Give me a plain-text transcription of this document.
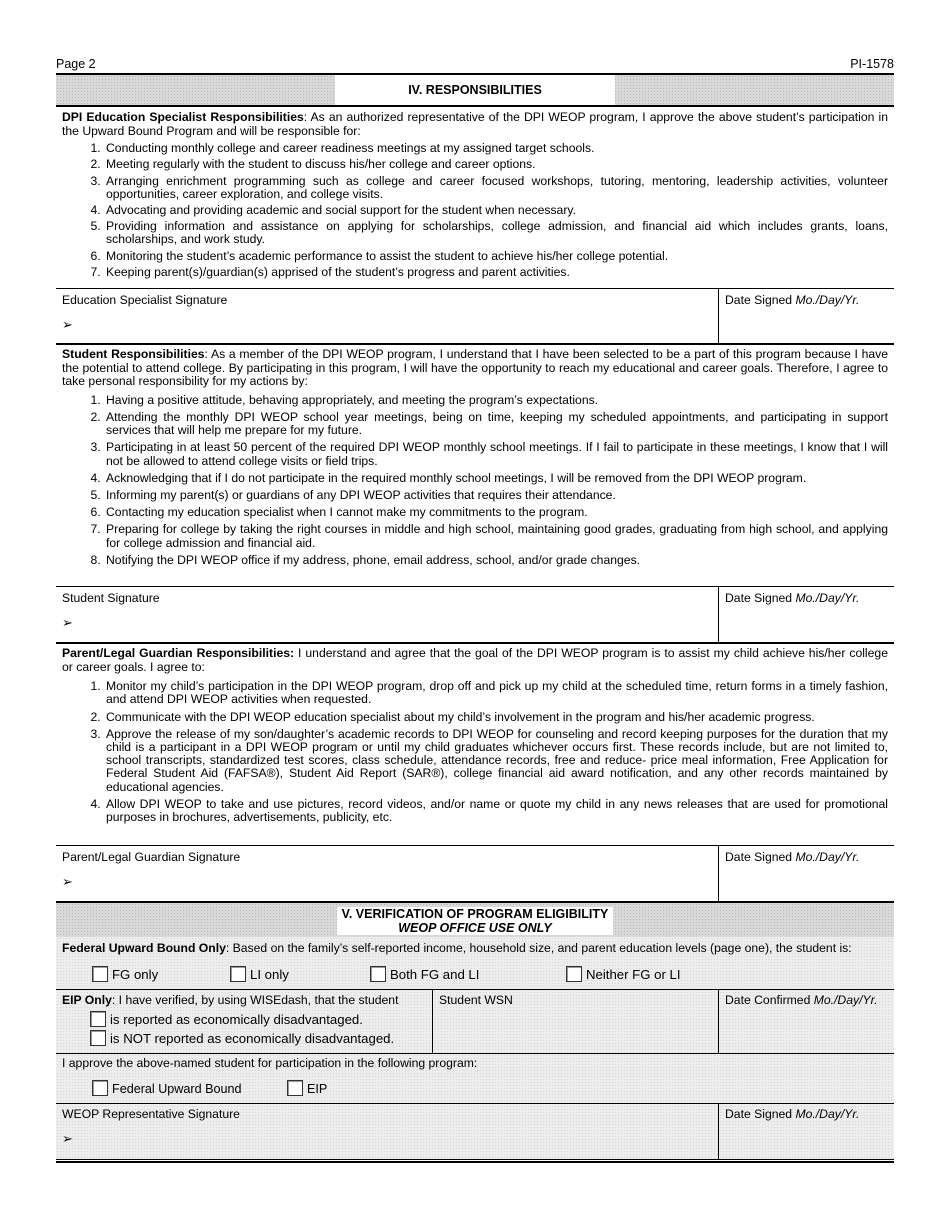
Page 2	PI-1578
IV. RESPONSIBILITIES
DPI Education Specialist Responsibilities: As an authorized representative of the DPI WEOP program, I approve the above student’s participation in the Upward Bound Program and will be responsible for:
1. Conducting monthly college and career readiness meetings at my assigned target schools.
2. Meeting regularly with the student to discuss his/her college and career options.
3. Arranging enrichment programming such as college and career focused workshops, tutoring, mentoring, leadership activities, volunteer opportunities, career exploration, and college visits.
4. Advocating and providing academic and social support for the student when necessary.
5. Providing information and assistance on applying for scholarships, college admission, and financial aid which includes grants, loans, scholarships, and work study.
6. Monitoring the student’s academic performance to assist the student to achieve his/her college potential.
7. Keeping parent(s)/guardian(s) apprised of the student’s progress and parent activities.
Education Specialist Signature
➢
Date Signed Mo./Day/Yr.
Student Responsibilities: As a member of the DPI WEOP program, I understand that I have been selected to be a part of this program because I have the potential to attend college. By participating in this program, I will have the opportunity to reach my educational and career goals. Therefore, I agree to take personal responsibility for my actions by:
1. Having a positive attitude, behaving appropriately, and meeting the program’s expectations.
2. Attending the monthly DPI WEOP school year meetings, being on time, keeping my scheduled appointments, and participating in support services that will help me prepare for my future.
3. Participating in at least 50 percent of the required DPI WEOP monthly school meetings. If I fail to participate in these meetings, I know that I will not be allowed to attend college visits or field trips.
4. Acknowledging that if I do not participate in the required monthly school meetings, I will be removed from the DPI WEOP program.
5. Informing my parent(s) or guardians of any DPI WEOP activities that requires their attendance.
6. Contacting my education specialist when I cannot make my commitments to the program.
7. Preparing for college by taking the right courses in middle and high school, maintaining good grades, graduating from high school, and applying for college admission and financial aid.
8. Notifying the DPI WEOP office if my address, phone, email address, school, and/or grade changes.
Student Signature
➢
Date Signed Mo./Day/Yr.
Parent/Legal Guardian Responsibilities: I understand and agree that the goal of the DPI WEOP program is to assist my child achieve his/her college or career goals. I agree to:
1. Monitor my child’s participation in the DPI WEOP program, drop off and pick up my child at the scheduled time, return forms in a timely fashion, and attend DPI WEOP activities when requested.
2. Communicate with the DPI WEOP education specialist about my child’s involvement in the program and his/her academic progress.
3. Approve the release of my son/daughter’s academic records to DPI WEOP for counseling and record keeping purposes for the duration that my child is a participant in a DPI WEOP program or until my child graduates whichever occurs first. These records include, but are not limited to, school transcripts, standardized test scores, class schedule, attendance records, free and reduce- price meal information, Free Application for Federal Student Aid (FAFSA®), Student Aid Report (SAR®), college financial aid award notification, and any other records maintained by educational agencies.
4. Allow DPI WEOP to take and use pictures, record videos, and/or name or quote my child in any news releases that are used for promotional purposes in brochures, advertisements, publicity, etc.
Parent/Legal Guardian Signature
➢
Date Signed Mo./Day/Yr.
V. VERIFICATION OF PROGRAM ELIGIBILITY
WEOP OFFICE USE ONLY
Federal Upward Bound Only: Based on the family’s self-reported income, household size, and parent education levels (page one), the student is:
FG only	LI only	Both FG and LI	Neither FG or LI
EIP Only: I have verified, by using WISEdash, that the student
is reported as economically disadvantaged.
is NOT reported as economically disadvantaged.
Student WSN	Date Confirmed Mo./Day/Yr.
I approve the above-named student for participation in the following program:
Federal Upward Bound	EIP
WEOP Representative Signature
➢
Date Signed Mo./Day/Yr.
